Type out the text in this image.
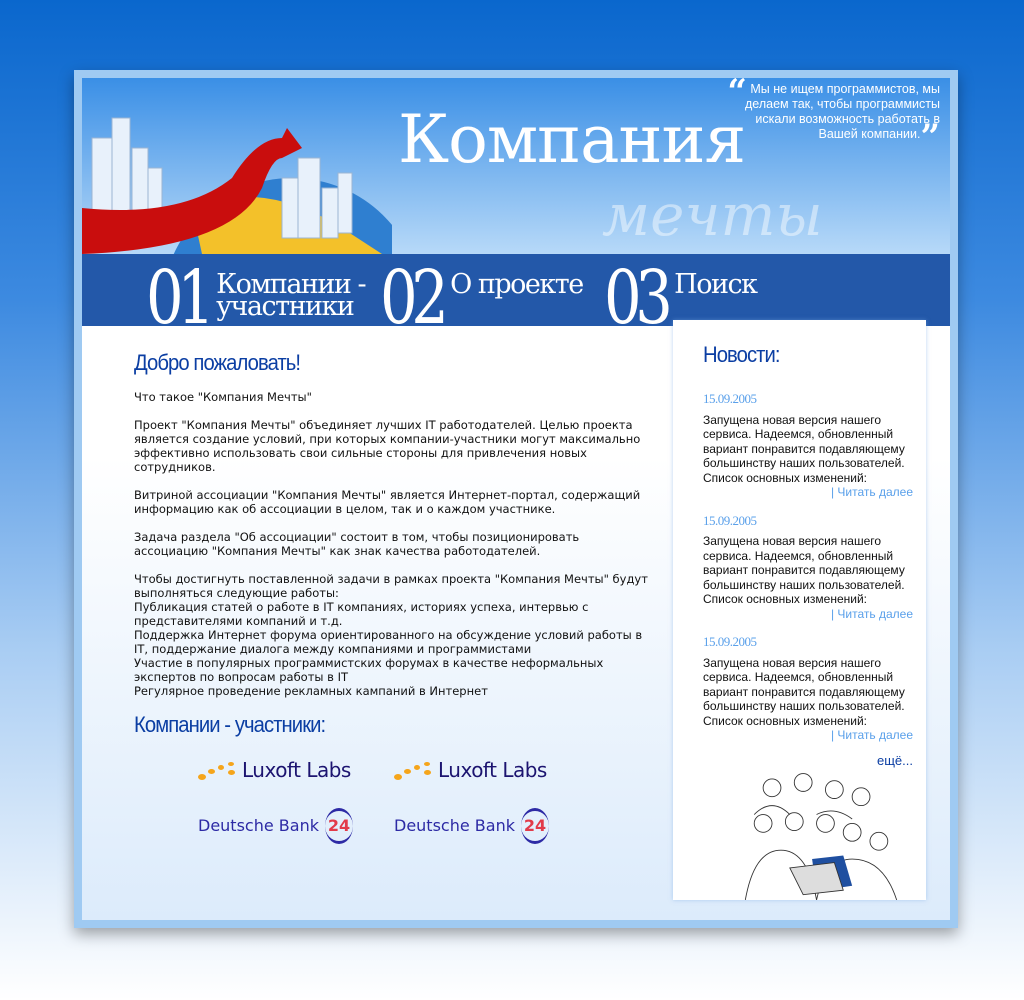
Компания
мечты
“ Мы не ищем программистов, мы делаем так, чтобы программисты искали возможность работать в Вашей компании.”
01 Компании -
участники 02 О проекте 03 Поиск
Добро пожаловать!

Что такое "Компания Мечты"

Проект "Компания Мечты" объединяет лучших IT работодателей. Целью проекта является создание условий, при которых компании-участники могут максимально эффективно использовать свои сильные стороны для привлечения новых сотрудников.

Витриной ассоциации "Компания Мечты" является Интернет-портал, содержащий информацию как об ассоциации в целом, так и о каждом участнике.

Задача раздела "Об ассоциации" состоит в том, чтобы позиционировать ассоциацию "Компания Мечты" как знак качества работодателей.

Чтобы достигнуть поставленной задачи в рамках проекта "Компания Мечты" будут выполняться следующие работы:
Публикация статей о работе в IT компаниях, историях успеха, интервью с представителями компаний и т.д.
Поддержка Интернет форума ориентированного на обсуждение условий работы в IT, поддержание диалога между компаниями и программистами
Участие в популярных программистских форумах в качестве неформальных экспертов по вопросам работы в IT
Регулярное проведение рекламных кампаний в Интернет

Компании - участники:
Luxoft Labs	Luxoft Labs
Deutsche Bank 24	Deutsche Bank 24
Новости:
15.09.2005
Запущена новая версия нашего сервиса. Надеемся, обновленный вариант понравится подавляющему большинству наших пользователей. Список основных изменений:
| Читать далее
15.09.2005
Запущена новая версия нашего сервиса. Надеемся, обновленный вариант понравится подавляющему большинству наших пользователей. Список основных изменений:
| Читать далее
15.09.2005
Запущена новая версия нашего сервиса. Надеемся, обновленный вариант понравится подавляющему большинству наших пользователей. Список основных изменений:
| Читать далее
ещё...
